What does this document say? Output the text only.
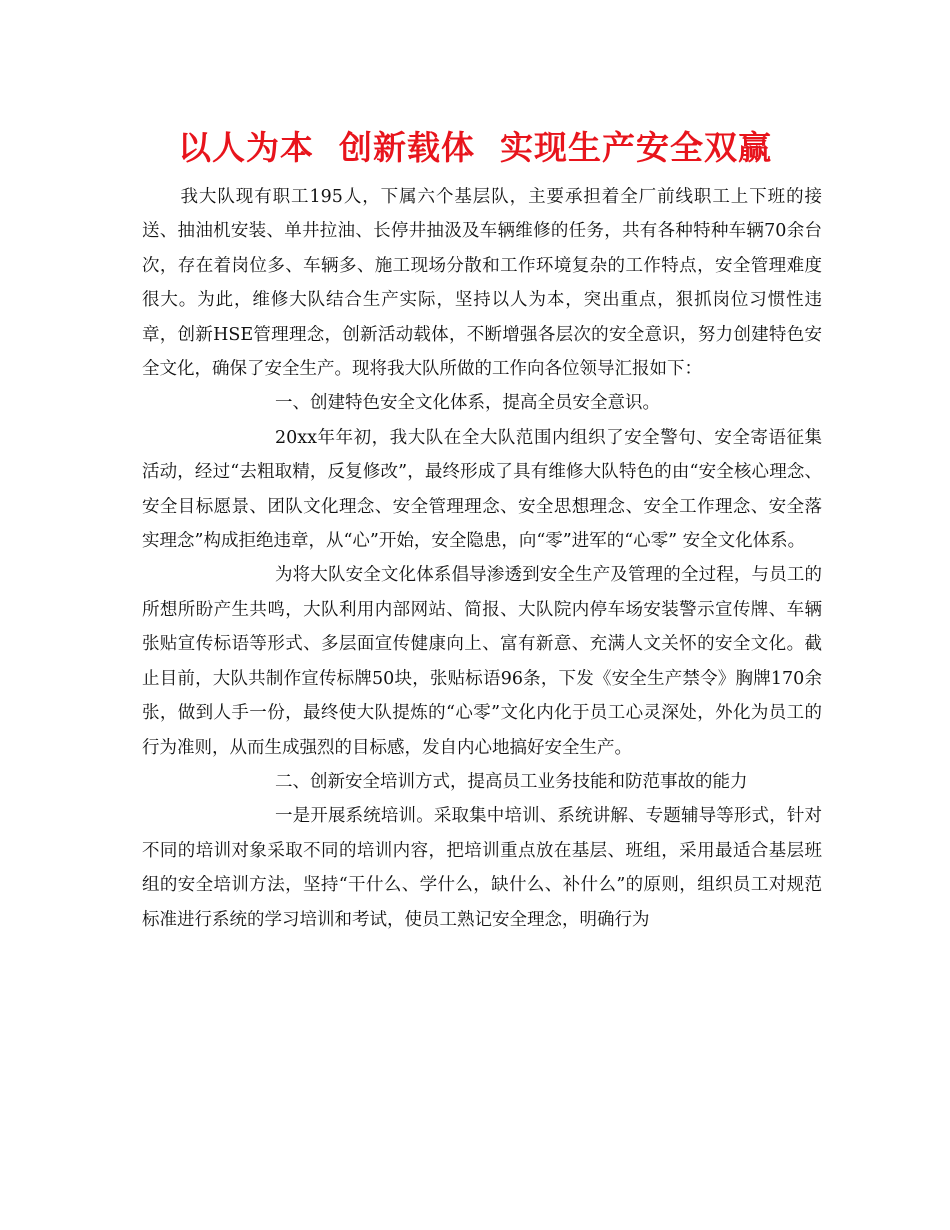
以人为本  创新载体  实现生产安全双赢

我大队现有职工195人，下属六个基层队，主要承担着全厂前线职工上下班的接送、抽油机安装、单井拉油、长停井抽汲及车辆维修的任务，共有各种特种车辆70余台次，存在着岗位多、车辆多、施工现场分散和工作环境复杂的工作特点，安全管理难度很大。为此，维修大队结合生产实际，坚持以人为本，突出重点，狠抓岗位习惯性违章，创新HSE管理理念，创新活动载体，不断增强各层次的安全意识，努力创建特色安全文化，确保了安全生产。现将我大队所做的工作向各位领导汇报如下：

一、创建特色安全文化体系，提高全员安全意识。

20xx年年初，我大队在全大队范围内组织了安全警句、安全寄语征集活动，经过“去粗取精，反复修改”，最终形成了具有维修大队特色的由“安全核心理念、安全目标愿景、团队文化理念、安全管理理念、安全思想理念、安全工作理念、安全落实理念”构成拒绝违章，从“心”开始，安全隐患，向“零”进军的“心零” 安全文化体系。

为将大队安全文化体系倡导渗透到安全生产及管理的全过程，与员工的所想所盼产生共鸣，大队利用内部网站、简报、大队院内停车场安装警示宣传牌、车辆张贴宣传标语等形式、多层面宣传健康向上、富有新意、充满人文关怀的安全文化。截止目前，大队共制作宣传标牌50块，张贴标语96条，下发《安全生产禁令》胸牌170余张，做到人手一份，最终使大队提炼的“心零”文化内化于员工心灵深处，外化为员工的行为准则，从而生成强烈的目标感，发自内心地搞好安全生产。

二、创新安全培训方式，提高员工业务技能和防范事故的能力

一是开展系统培训。采取集中培训、系统讲解、专题辅导等形式，针对不同的培训对象采取不同的培训内容，把培训重点放在基层、班组，采用最适合基层班组的安全培训方法，坚持“干什么、学什么，缺什么、补什么”的原则，组织员工对规范标准进行系统的学习培训和考试，使员工熟记安全理念，明确行为
